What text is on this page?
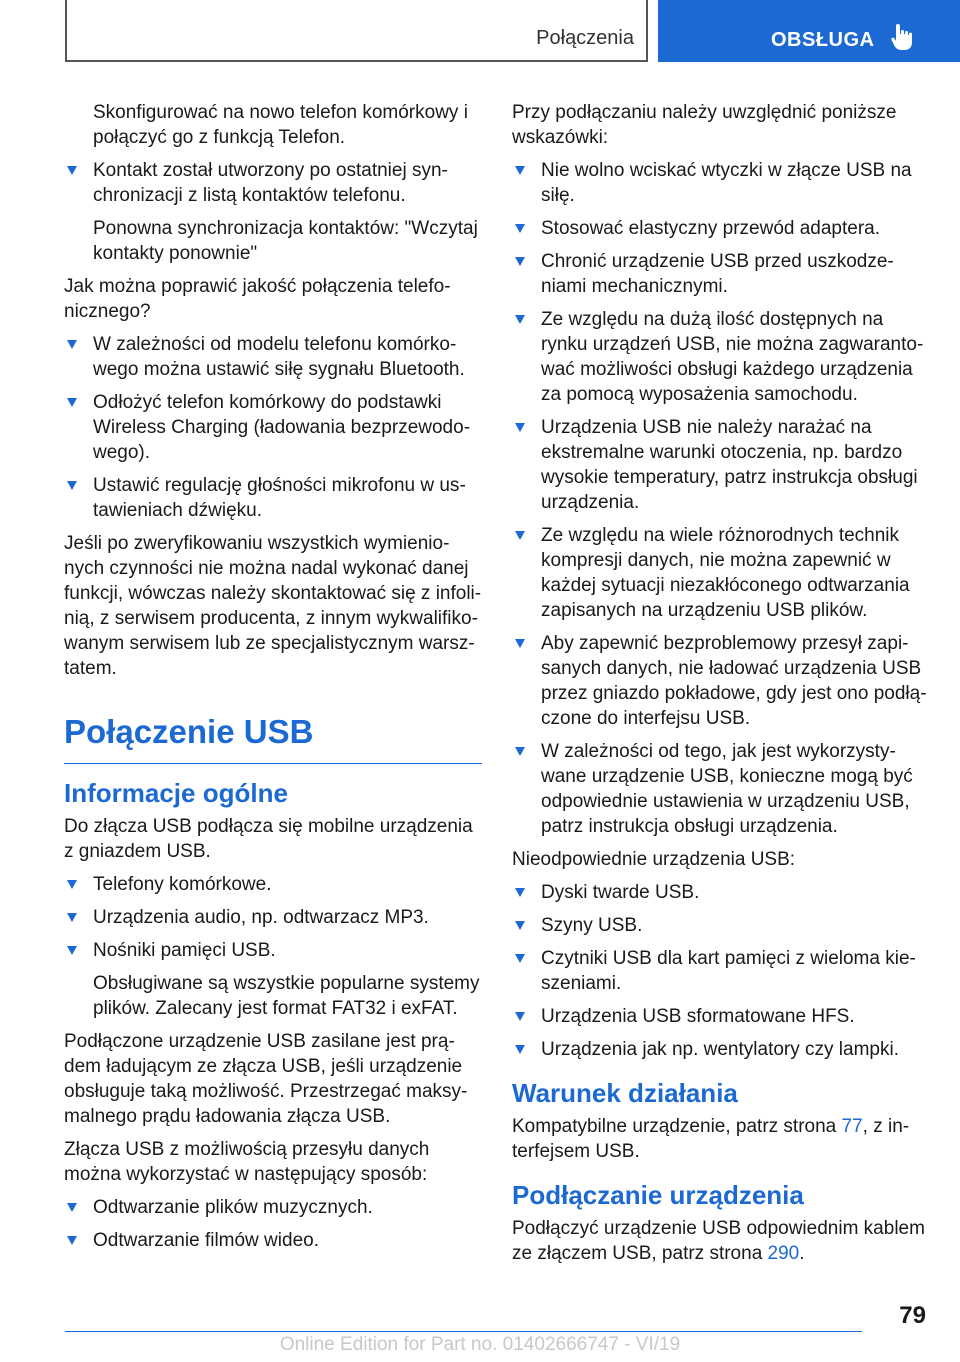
Połączenia	OBSŁUGA

Skonfigurować na nowo telefon komórkowy i połączyć go z funkcją Telefon.

Kontakt został utworzony po ostatniej synchronizacji z listą kontaktów telefonu.

Ponowna synchronizacja kontaktów: "Wczytaj kontakty ponownie"

Jak można poprawić jakość połączenia telefonicznego?

W zależności od modelu telefonu komórkowego można ustawić siłę sygnału Bluetooth.
Odłożyć telefon komórkowy do podstawki Wireless Charging (ładowania bezprzewodowego).
Ustawić regulację głośności mikrofonu w ustawieniach dźwięku.

Jeśli po zweryfikowaniu wszystkich wymienionych czynności nie można nadal wykonać danej funkcji, wówczas należy skontaktować się z infolinią, z serwisem producenta, z innym wykwalifikowanym serwisem lub ze specjalistycznym warsztatem.

Połączenie USB
Informacje ogólne

Do złącza USB podłącza się mobilne urządzenia z gniazdem USB.

Telefony komórkowe.
Urządzenia audio, np. odtwarzacz MP3.
Nośniki pamięci USB.

Obsługiwane są wszystkie popularne systemy plików. Zalecany jest format FAT32 i exFAT.

Podłączone urządzenie USB zasilane jest prądem ładującym ze złącza USB, jeśli urządzenie obsługuje taką możliwość. Przestrzegać maksymalnego prądu ładowania złącza USB.

Złącza USB z możliwością przesyłu danych można wykorzystać w następujący sposób:

Odtwarzanie plików muzycznych.
Odtwarzanie filmów wideo.

Przy podłączaniu należy uwzględnić poniższe wskazówki:

Nie wolno wciskać wtyczki w złącze USB na siłę.
Stosować elastyczny przewód adaptera.
Chronić urządzenie USB przed uszkodzeniami mechanicznymi.
Ze względu na dużą ilość dostępnych na rynku urządzeń USB, nie można zagwarantować możliwości obsługi każdego urządzenia za pomocą wyposażenia samochodu.
Urządzenia USB nie należy narażać na ekstremalne warunki otoczenia, np. bardzo wysokie temperatury, patrz instrukcja obsługi urządzenia.
Ze względu na wiele różnorodnych technik kompresji danych, nie można zapewnić w każdej sytuacji niezakłóconego odtwarzania zapisanych na urządzeniu USB plików.
Aby zapewnić bezproblemowy przesył zapisanych danych, nie ładować urządzenia USB przez gniazdo pokładowe, gdy jest ono podłączone do interfejsu USB.
W zależności od tego, jak jest wykorzystywane urządzenie USB, konieczne mogą być odpowiednie ustawienia w urządzeniu USB, patrz instrukcja obsługi urządzenia.

Nieodpowiednie urządzenia USB:

Dyski twarde USB.
Szyny USB.
Czytniki USB dla kart pamięci z wieloma kieszeniami.
Urządzenia USB sformatowane HFS.
Urządzenia jak np. wentylatory czy lampki.
Warunek działania

Kompatybilne urządzenie, patrz strona 77, z interfejsem USB.

Podłączanie urządzenia

Podłączyć urządzenie USB odpowiednim kablem ze złączem USB, patrz strona 290.

79
Online Edition for Part no. 01402666747 - VI/19
